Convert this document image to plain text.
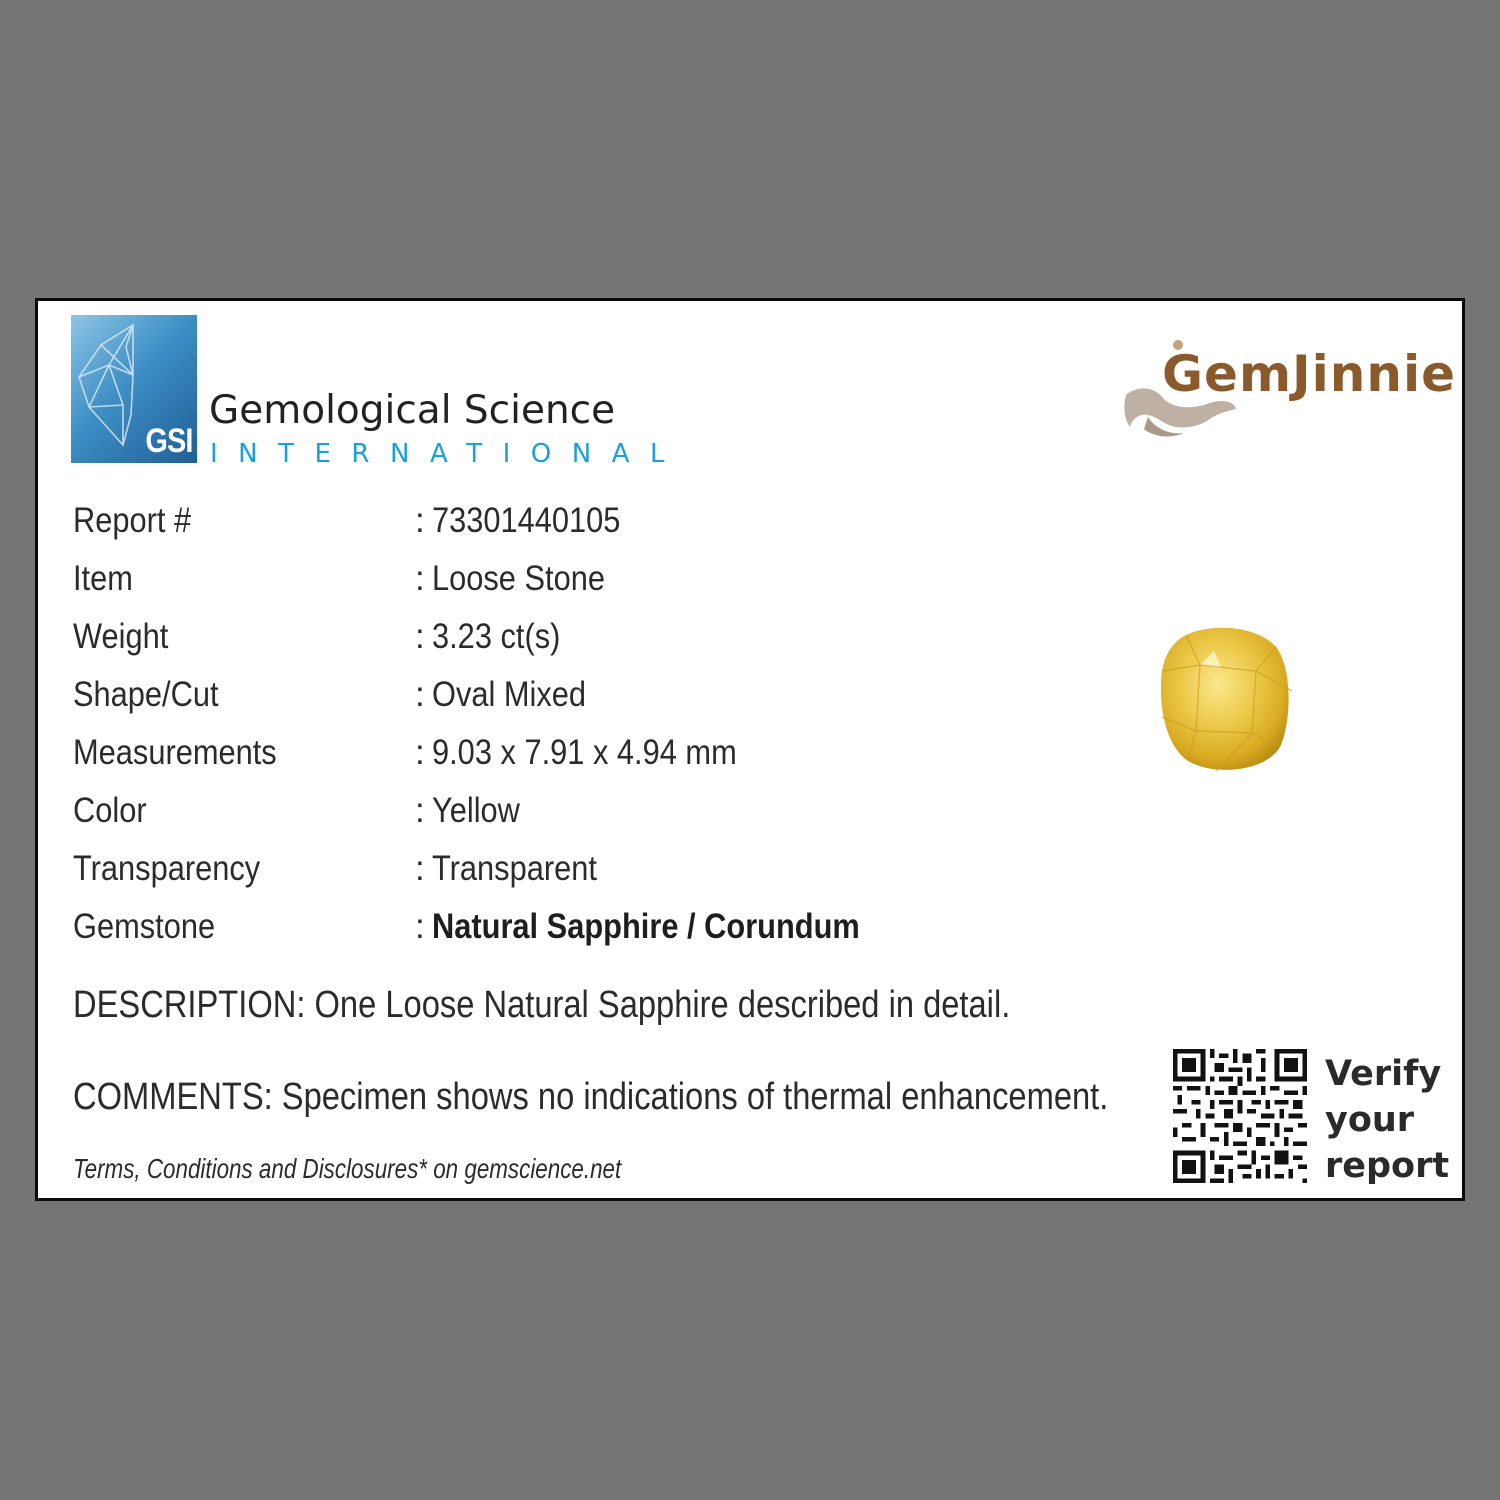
GSI
Gemological Science
INTERNATIONAL
GemJinnie
Report #	: 73301440105
Item	: Loose Stone
Weight	: 3.23 ct(s)
Shape/Cut	: Oval Mixed
Measurements	: 9.03 x 7.91 x 4.94 mm
Color	: Yellow
Transparency	: Transparent
Gemstone	: Natural Sapphire / Corundum
DESCRIPTION: One Loose Natural Sapphire described in detail.
COMMENTS: Specimen shows no indications of thermal enhancement.
Terms, Conditions and Disclosures* on gemscience.net
Verify
your
report
